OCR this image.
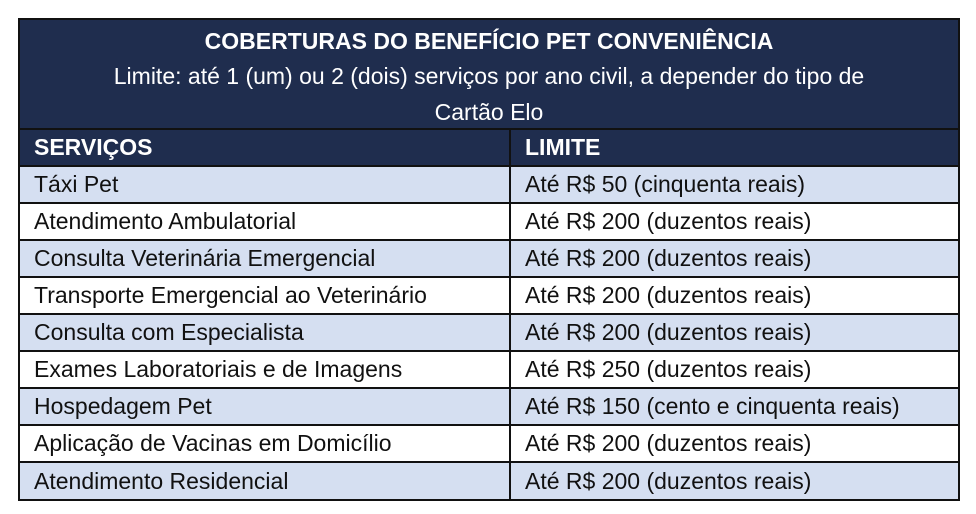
COBERTURAS DO BENEFÍCIO PET CONVENIÊNCIA
Limite: até 1 (um) ou 2 (dois) serviços por ano civil, a depender do tipo de
Cartão Elo
SERVIÇOS	LIMITE
Táxi Pet	Até R$ 50 (cinquenta reais)
Atendimento Ambulatorial	Até R$ 200 (duzentos reais)
Consulta Veterinária Emergencial	Até R$ 200 (duzentos reais)
Transporte Emergencial ao Veterinário	Até R$ 200 (duzentos reais)
Consulta com Especialista	Até R$ 200 (duzentos reais)
Exames Laboratoriais e de Imagens	Até R$ 250 (duzentos reais)
Hospedagem Pet	Até R$ 150 (cento e cinquenta reais)
Aplicação de Vacinas em Domicílio	Até R$ 200 (duzentos reais)
Atendimento Residencial	Até R$ 200 (duzentos reais)
